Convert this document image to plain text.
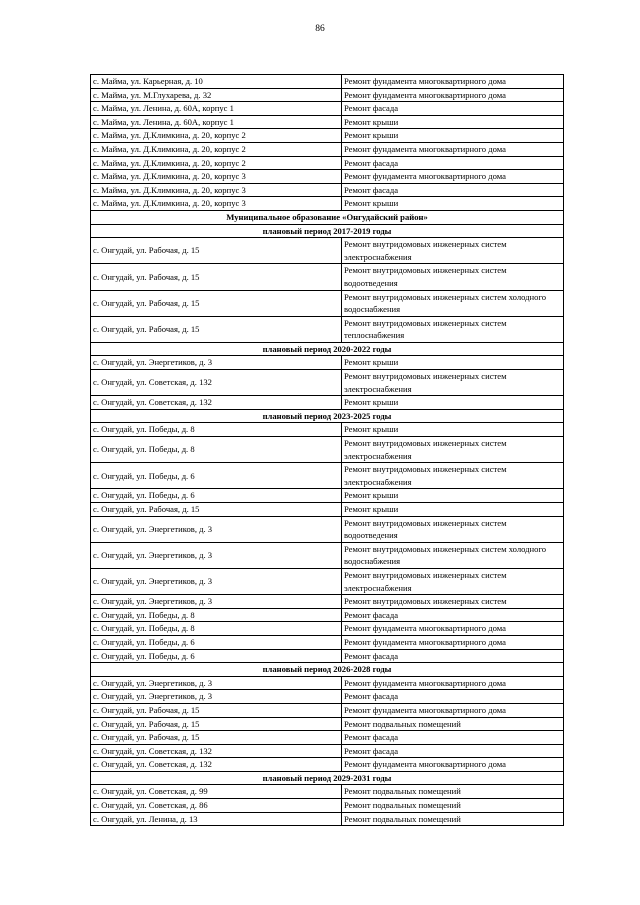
86
с. Майма, ул. Карьерная, д. 10	Ремонт фундамента многоквартирного дома
с. Майма, ул. М.Глухарева, д. 32	Ремонт фундамента многоквартирного дома
с. Майма, ул. Ленина, д. 60А, корпус 1	Ремонт фасада
с. Майма, ул. Ленина, д. 60А, корпус 1	Ремонт крыши
с. Майма, ул. Д.Климкина, д. 20, корпус 2	Ремонт крыши
с. Майма, ул. Д.Климкина, д. 20, корпус 2	Ремонт фундамента многоквартирного дома
с. Майма, ул. Д.Климкина, д. 20, корпус 2	Ремонт фасада
с. Майма, ул. Д.Климкина, д. 20, корпус 3	Ремонт фундамента многоквартирного дома
с. Майма, ул. Д.Климкина, д. 20, корпус 3	Ремонт фасада
с. Майма, ул. Д.Климкина, д. 20, корпус 3	Ремонт крыши
Муниципальное образование «Онгудайский район»	
плановый период 2017-2019 годы	
с. Онгудай, ул. Рабочая, д. 15	Ремонт внутридомовых инженерных систем электроснабжения
с. Онгудай, ул. Рабочая, д. 15	Ремонт внутридомовых инженерных систем водоотведения
с. Онгудай, ул. Рабочая, д. 15	Ремонт внутридомовых инженерных систем холодного водоснабжения
с. Онгудай, ул. Рабочая, д. 15	Ремонт внутридомовых инженерных систем теплоснабжения
плановый период 2020-2022 годы	
с. Онгудай, ул. Энергетиков, д. 3	Ремонт крыши
с. Онгудай, ул. Советская, д. 132	Ремонт внутридомовых инженерных систем электроснабжения
с. Онгудай, ул. Советская, д. 132	Ремонт крыши
плановый период 2023-2025 годы	
с. Онгудай, ул. Победы, д. 8	Ремонт крыши
с. Онгудай, ул. Победы, д. 8	Ремонт внутридомовых инженерных систем электроснабжения
с. Онгудай, ул. Победы, д. 6	Ремонт внутридомовых инженерных систем электроснабжения
с. Онгудай, ул. Победы, д. 6	Ремонт крыши
с. Онгудай, ул. Рабочая, д. 15	Ремонт крыши
с. Онгудай, ул. Энергетиков, д. 3	Ремонт внутридомовых инженерных систем водоотведения
с. Онгудай, ул. Энергетиков, д. 3	Ремонт внутридомовых инженерных систем холодного водоснабжения
с. Онгудай, ул. Энергетиков, д. 3	Ремонт внутридомовых инженерных систем электроснабжения
с. Онгудай, ул. Энергетиков, д. 3	Ремонт внутридомовых инженерных систем
с. Онгудай, ул. Победы, д. 8	Ремонт фасада
с. Онгудай, ул. Победы, д. 8	Ремонт фундамента многоквартирного дома
с. Онгудай, ул. Победы, д. 6	Ремонт фундамента многоквартирного дома
с. Онгудай, ул. Победы, д. 6	Ремонт фасада
плановый период 2026-2028 годы	
с. Онгудай, ул. Энергетиков, д. 3	Ремонт фундамента многоквартирного дома
с. Онгудай, ул. Энергетиков, д. 3	Ремонт фасада
с. Онгудай, ул. Рабочая, д. 15	Ремонт фундамента многоквартирного дома
с. Онгудай, ул. Рабочая, д. 15	Ремонт подвальных помещений
с. Онгудай, ул. Рабочая, д. 15	Ремонт фасада
с. Онгудай, ул. Советская, д. 132	Ремонт фасада
с. Онгудай, ул. Советская, д. 132	Ремонт фундамента многоквартирного дома
плановый период 2029-2031 годы	
с. Онгудай, ул. Советская, д. 99	Ремонт подвальных помещений
с. Онгудай, ул. Советская, д. 86	Ремонт подвальных помещений
с. Онгудай, ул. Ленина, д. 13	Ремонт подвальных помещений
